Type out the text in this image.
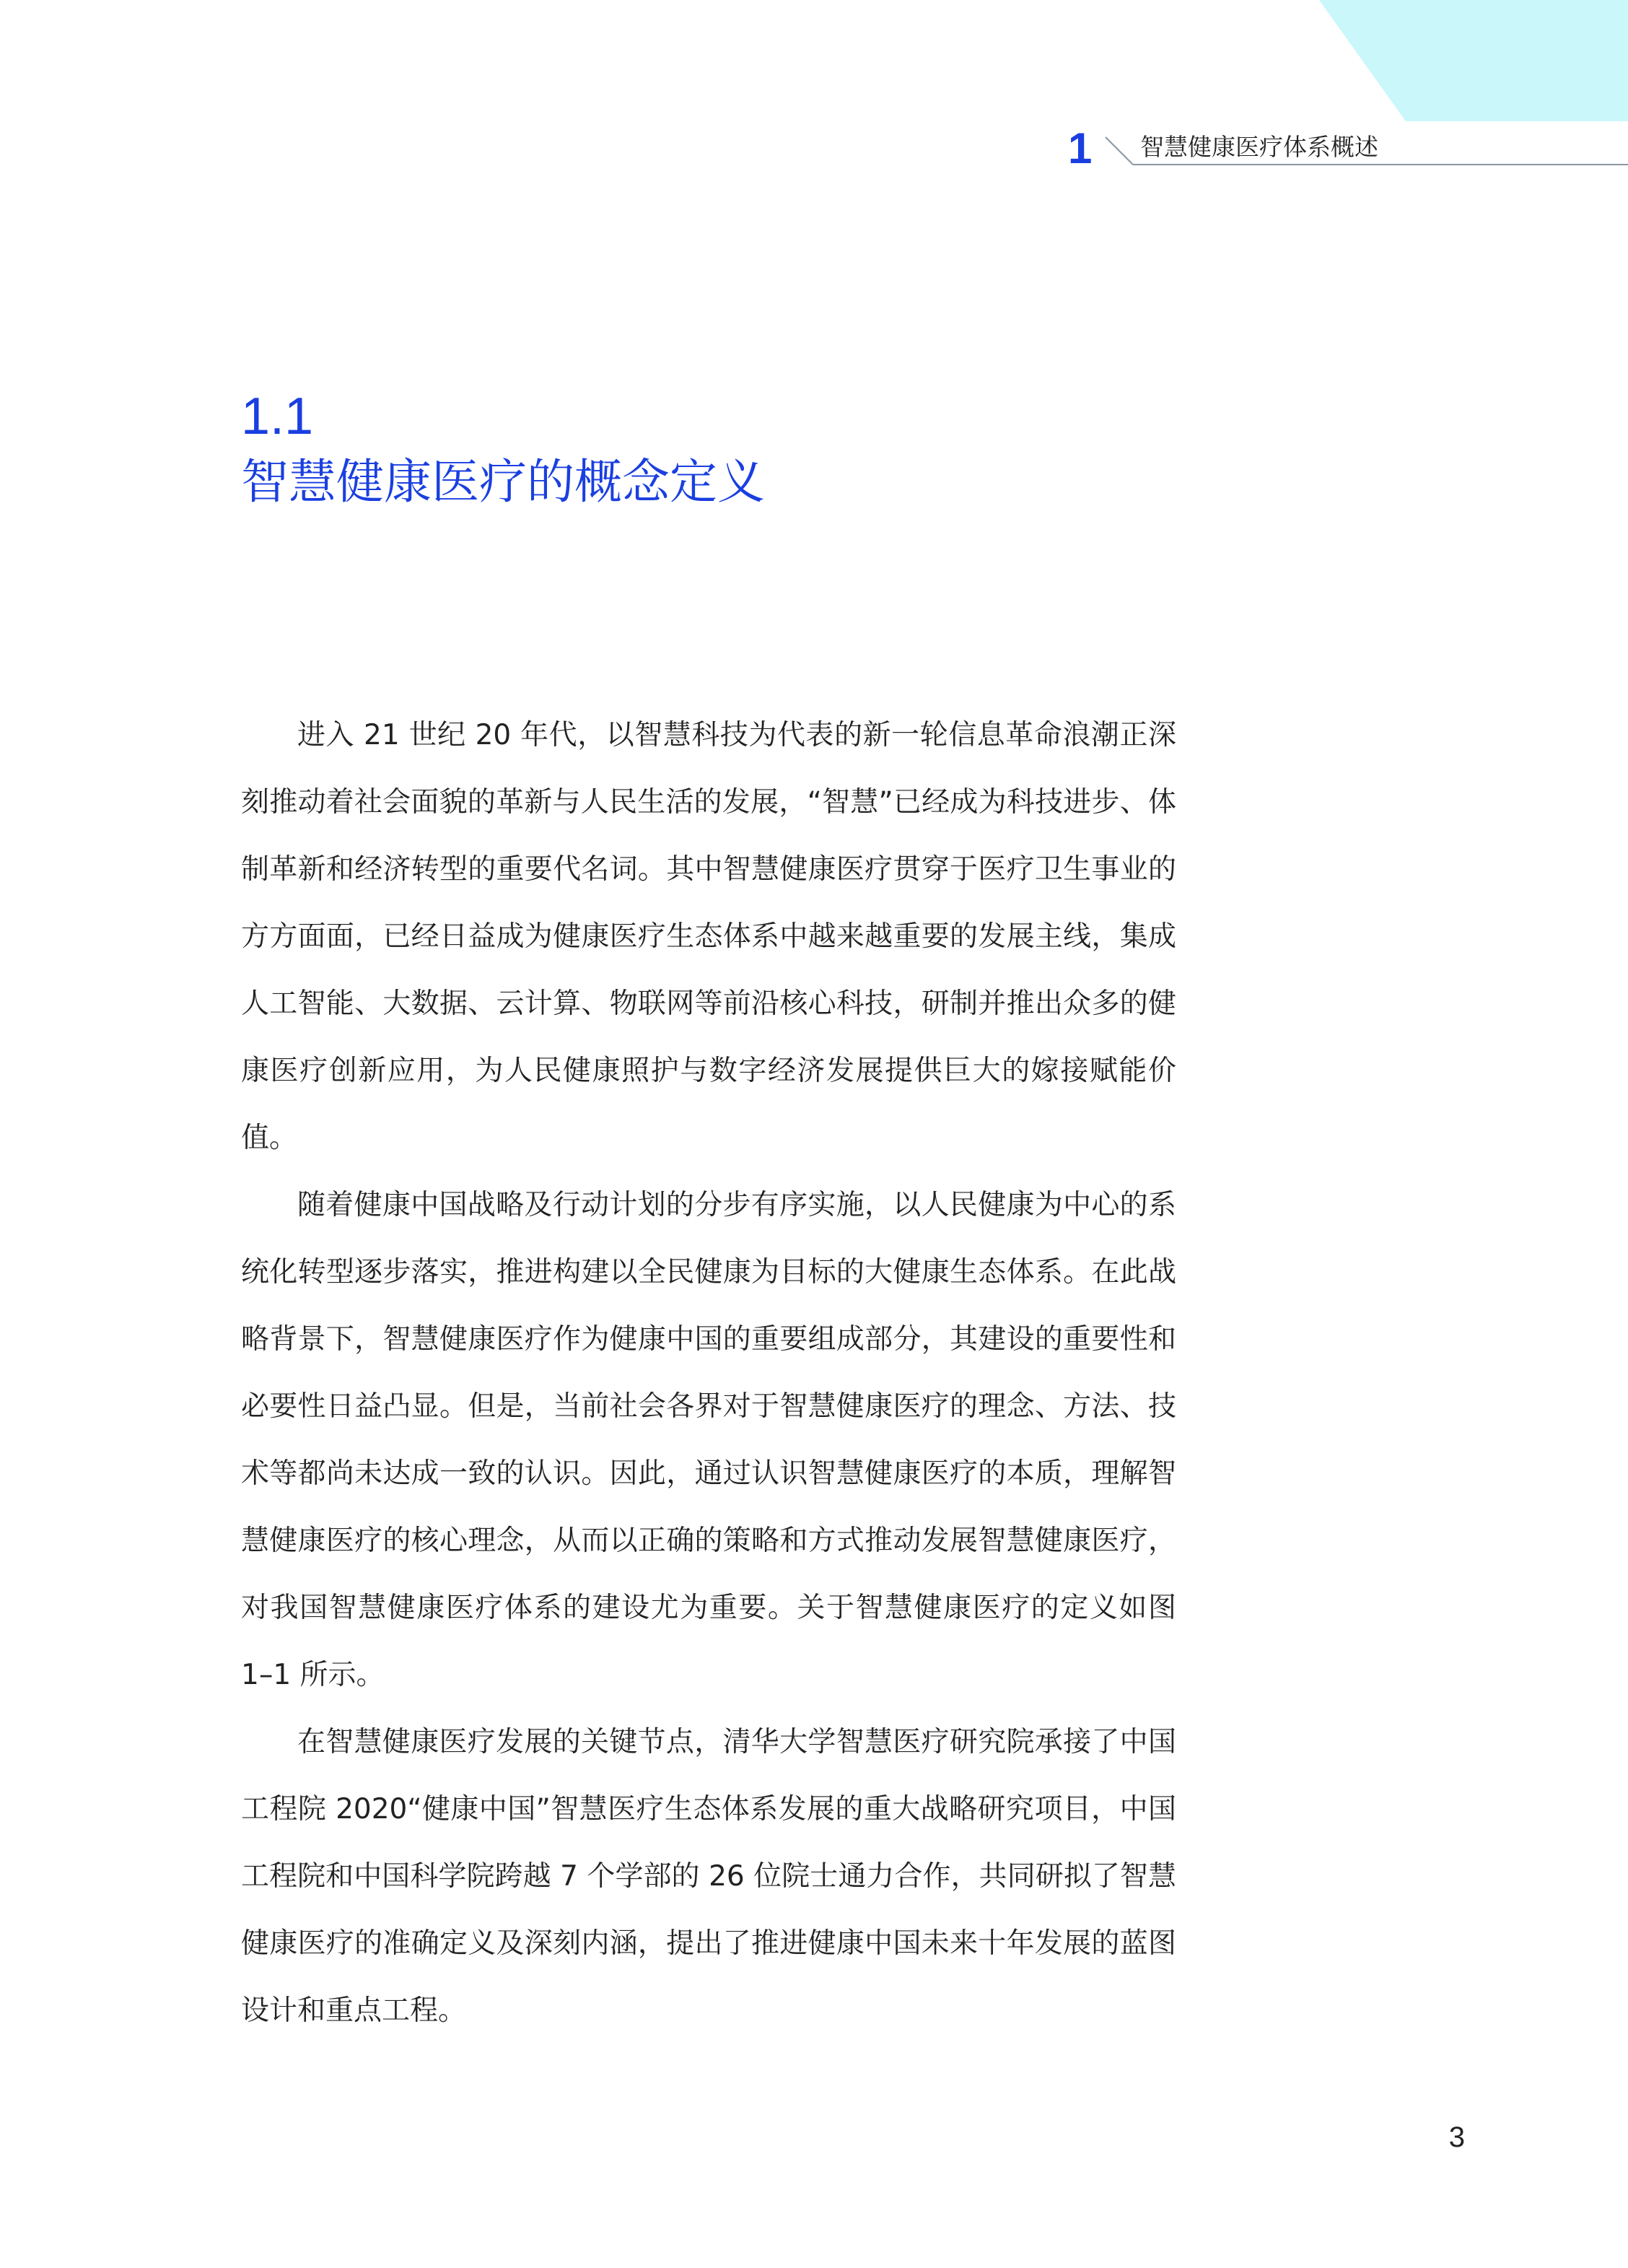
1 智慧健康医疗体系概述
1.1
智慧健康医疗的概念定义

进入 21 世纪 20 年代，以智慧科技为代表的新一轮信息革命浪潮正深刻推动着社会面貌的革新与人民生活的发展，“智慧”已经成为科技进步、体制革新和经济转型的重要代名词。其中智慧健康医疗贯穿于医疗卫生事业的方方面面，已经日益成为健康医疗生态体系中越来越重要的发展主线，集成人工智能、大数据、云计算、物联网等前沿核心科技，研制并推出众多的健康医疗创新应用，为人民健康照护与数字经济发展提供巨大的嫁接赋能价值。

随着健康中国战略及行动计划的分步有序实施，以人民健康为中心的系统化转型逐步落实，推进构建以全民健康为目标的大健康生态体系。在此战略背景下，智慧健康医疗作为健康中国的重要组成部分，其建设的重要性和必要性日益凸显。但是，当前社会各界对于智慧健康医疗的理念、方法、技术等都尚未达成一致的认识。因此，通过认识智慧健康医疗的本质，理解智慧健康医疗的核心理念，从而以正确的策略和方式推动发展智慧健康医疗，对我国智慧健康医疗体系的建设尤为重要。关于智慧健康医疗的定义如图 1–1 所示。

在智慧健康医疗发展的关键节点，清华大学智慧医疗研究院承接了中国工程院 2020“健康中国”智慧医疗生态体系发展的重大战略研究项目，中国工程院和中国科学院跨越 7 个学部的 26 位院士通力合作，共同研拟了智慧健康医疗的准确定义及深刻内涵，提出了推进健康中国未来十年发展的蓝图设计和重点工程。

3
